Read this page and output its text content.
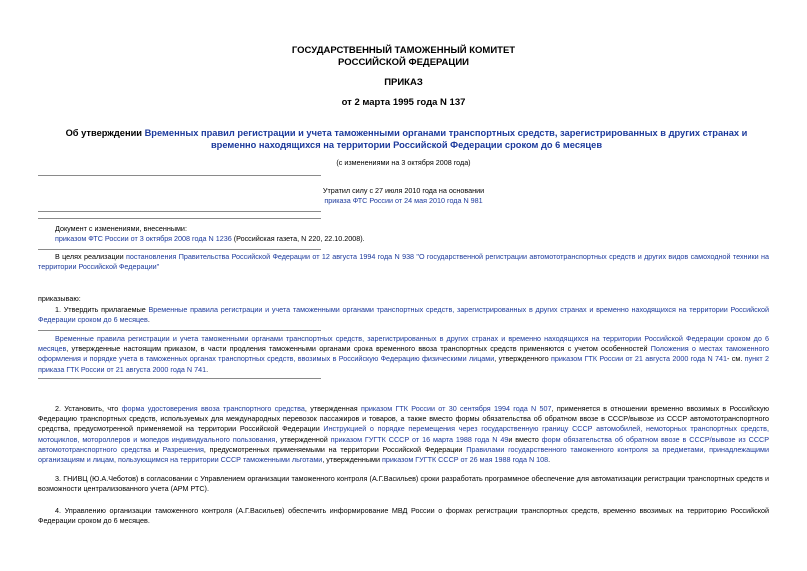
ГОСУДАРСТВЕННЫЙ ТАМОЖЕННЫЙ КОМИТЕТ
РОССИЙСКОЙ ФЕДЕРАЦИИ
ПРИКАЗ
от 2 марта 1995 года N 137
Об утверждении Временных правил регистрации и учета таможенными органами транспортных средств, зарегистрированных в других странах и временно находящихся на территории Российской Федерации сроком до 6 месяцев
(с изменениями на 3 октября 2008 года)
Утратил силу с 27 июля 2010 года на основании
приказа ФТС России от 24 мая 2010 года N 981
Документ с изменениями, внесенными:
приказом ФТС России от 3 октября 2008 года N 1236 (Российская газета, N 220, 22.10.2008).
В целях реализации постановления Правительства Российской Федерации от 12 августа 1994 года N 938 "О государственной регистрации автомототранспортных средств и других видов самоходной техники на территории Российской Федерации"
приказываю:
1. Утвердить прилагаемые Временные правила регистрации и учета таможенными органами транспортных средств, зарегистрированных в других странах и временно находящихся на территории Российской Федерации сроком до 6 месяцев.
Временные правила регистрации и учета таможенными органами транспортных средств, зарегистрированных в других странах и временно находящихся на территории Российской Федерации сроком до 6 месяцев, утвержденные настоящим приказом, в части продления таможенными органами срока временного ввоза транспортных средств применяются с учетом особенностей Положения о местах таможенного оформления и порядке учета в таможенных органах транспортных средств, ввозимых в Российскую Федерацию физическими лицами, утвержденного приказом ГТК России от 21 августа 2000 года N 741- см. пункт 2 приказа ГТК России от 21 августа 2000 года N 741.
2. Установить, что форма удостоверения ввоза транспортного средства, утвержденная приказом ГТК России от 30 сентября 1994 года N 507, применяется в отношении временно ввозимых в Российскую Федерацию транспортных средств, используемых для международных перевозок пассажиров и товаров, а также вместо формы обязательства об обратном ввозе в СССР/вывозе из СССР автомототранспортного средства, предусмотренной применяемой на территории Российской Федерации Инструкцией о порядке перемещения через государственную границу СССР автомобилей, немоторных транспортных средств, мотоциклов, мотороллеров и мопедов индивидуального пользования, утвержденной приказом ГУГТК СССР от 16 марта 1988 года N 49и вместо форм обязательства об обратном ввозе в СССР/вывозе из СССР автомототранспортного средства и Разрешения, предусмотренных применяемыми на территории Российской Федерации Правилами государственного таможенного контроля за предметами, принадлежащими организациям и лицам, пользующимся на территории СССР таможенными льготами, утвержденными приказом ГУГТК СССР от 26 мая 1988 года N 108.
3. ГНИВЦ (Ю.А.Чеботов) в согласовании с Управлением организации таможенного контроля (А.Г.Васильев) сроки разработать программное обеспечение для автоматизации регистрации транспортных средств и возможности централизованного учета (АРМ РТС).
4. Управлению организации таможенного контроля (А.Г.Васильев) обеспечить информирование МВД России о формах регистрации транспортных средств, временно ввозимых на территорию Российской Федерации сроком до 6 месяцев.
